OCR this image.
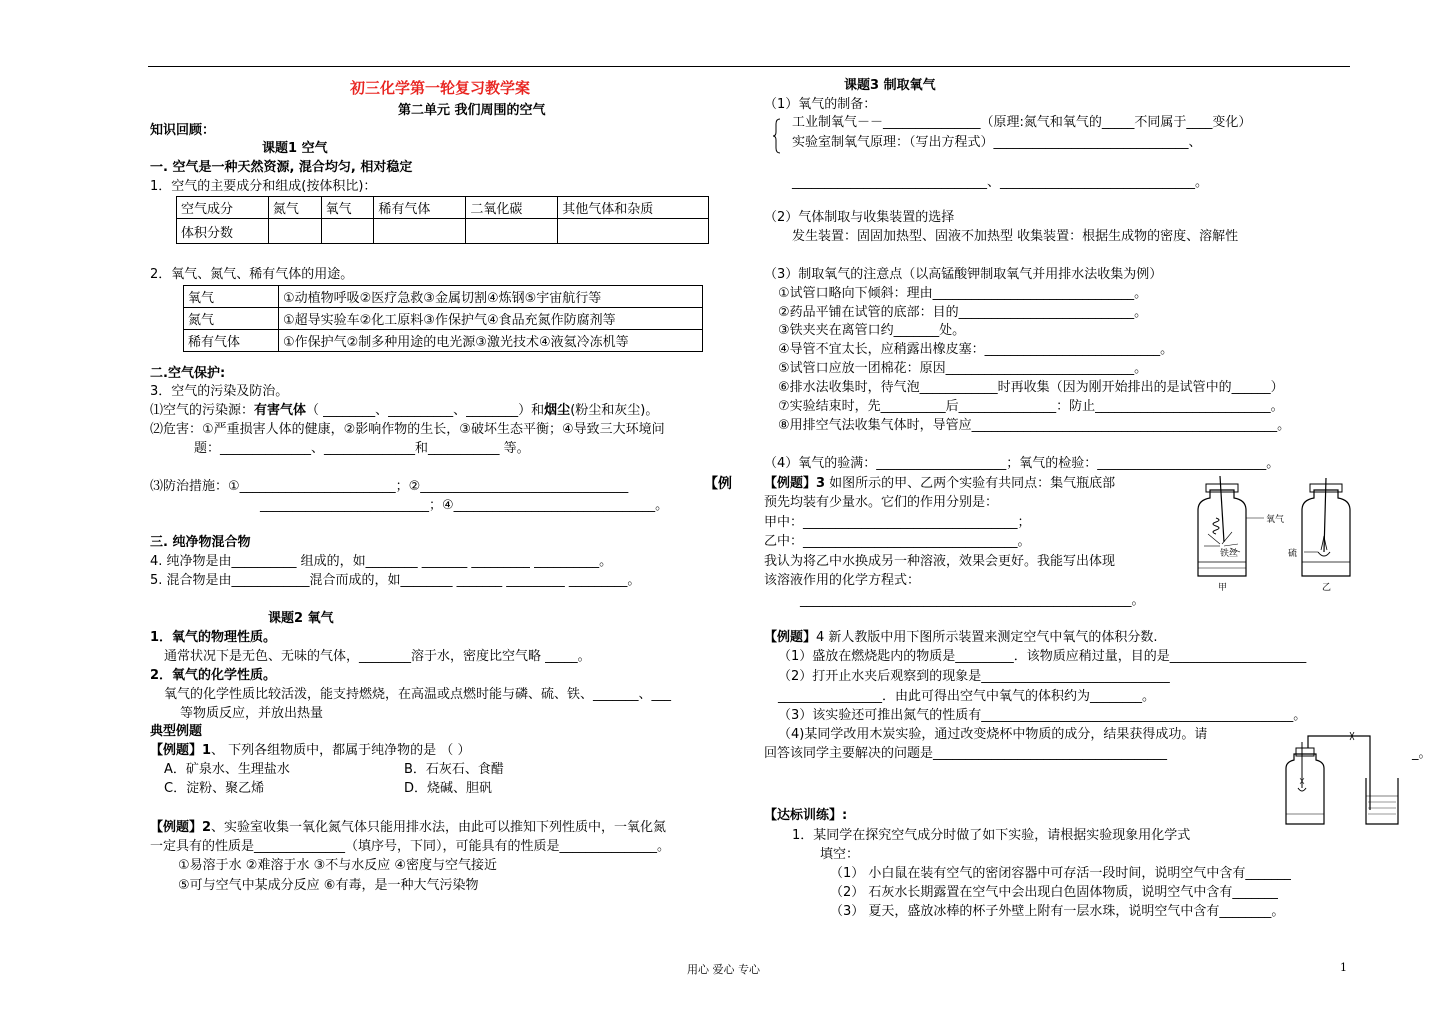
初三化学第一轮复习教学案
第二单元 我们周围的空气
知识回顾：
课题1 空气
一. 空气是一种天然资源, 混合均匀, 相对稳定
1．空气的主要成分和组成(按体积比)：
空气成分	氮气	氧气	稀有气体	二氧化碳	其他气体和杂质
体积分数					
2．氧气、氮气、稀有气体的用途。
氧气	①动植物呼吸②医疗急救③金属切割④炼钢⑤宇宙航行等
氮气	①超导实验车②化工原料③作保护气④食品充氮作防腐剂等
稀有气体	①作保护气②制多种用途的电光源③激光技术④液氦冷冻机等
二.空气保护:
3．空气的污染及防治。
⑴空气的污染源：有害气体（ ________、__________、________）和烟尘(粉尘和灰尘)。
⑵危害：①严重损害人体的健康，②影响作物的生长，③破坏生态平衡；④导致三大环境问
题：______________、______________和___________ 等。
⑶防治措施：①________________________；②________________________________	【例
__________________________；④_______________________________。
三. 纯净物混合物
4. 纯净物是由__________ 组成的，如________ _______ _________ __________。
5. 混合物是由____________混合而成的，如________ _______ _________ _________。
课题2 氧气
1．氧气的物理性质。
通常状况下是无色、无味的气体，________溶于水，密度比空气略 _____。
2．氧气的化学性质。
氧气的化学性质比较活泼，能支持燃烧，在高温或点燃时能与磷、硫、铁、_______、___
等物质反应，并放出热量
典型例题
【例题】1、 下列各组物质中，都属于纯净物的是 （ ）
A．矿泉水、生理盐水	B．石灰石、食醋
C．淀粉、聚乙烯	D．烧碱、胆矾
【例题】2、实验室收集一氧化氮气体只能用排水法，由此可以推知下列性质中，一氧化氮
一定具有的性质是______________（填序号，下同），可能具有的性质是_______________。
①易溶于水 ②难溶于水 ③不与水反应 ④密度与空气接近
⑤可与空气中某成分反应 ⑥有毒，是一种大气污染物
课题3 制取氧气
（1）氧气的制备：
工业制氧气－－_______________（原理:氮气和氧气的_____不同属于____变化）
实验室制氧气原理：（写出方程式）______________________________、
______________________________、______________________________。
（2）气体制取与收集装置的选择
发生装置：固固加热型、固液不加热型 收集装置：根据生成物的密度、溶解性
（3）制取氧气的注意点（以高锰酸钾制取氧气并用排水法收集为例）
①试管口略向下倾斜：理由_______________________________。
②药品平铺在试管的底部：目的___________________________。
③铁夹夹在离管口约_______处。
④导管不宜太长，应稍露出橡皮塞：___________________________。
⑤试管口应放一团棉花：原因_____________________________。
⑥排水法收集时，待气泡____________时再收集（因为刚开始排出的是试管中的______）
⑦实验结束时，先__________后_______________：防止___________________________。
⑧用排空气法收集气体时，导管应_______________________________________________。
（4）氧气的验满：____________________；氧气的检验：__________________________。
【例题】3 如图所示的甲、乙两个实验有共同点：集气瓶底部
预先均装有少量水。它们的作用分别是：
甲中：_________________________________；
乙中：_________________________________。
我认为将乙中水换成另一种溶液，效果会更好。我能写出体现
该溶液作用的化学方程式：
___________________________________________________。
氧气
铁丝	硫
甲	乙
【例题】4 新人教版中用下图所示装置来测定空气中氧气的体积分数.
（1）盛放在燃烧匙内的物质是_________．该物质应稍过量，目的是_____________________
（2）打开止水夹后观察到的现象是_____________________________
________________．由此可得出空气中氧气的体积约为________。
（3）该实验还可推出氮气的性质有________________________________________________。
（4)某同学改用木炭实验，通过改变烧杯中物质的成分，结果获得成功。请
回答该同学主要解决的问题是____________________________________	_。
【达标训练】:
1．某同学在探究空气成分时做了如下实验，请根据实验现象用化学式
填空：
（1） 小白鼠在装有空气的密闭容器中可存活一段时间，说明空气中含有_______
（2） 石灰水长期露置在空气中会出现白色固体物质，说明空气中含有_______
（3） 夏天，盛放冰棒的杯子外壁上附有一层水珠，说明空气中含有________。
用心 爱心 专心	1
